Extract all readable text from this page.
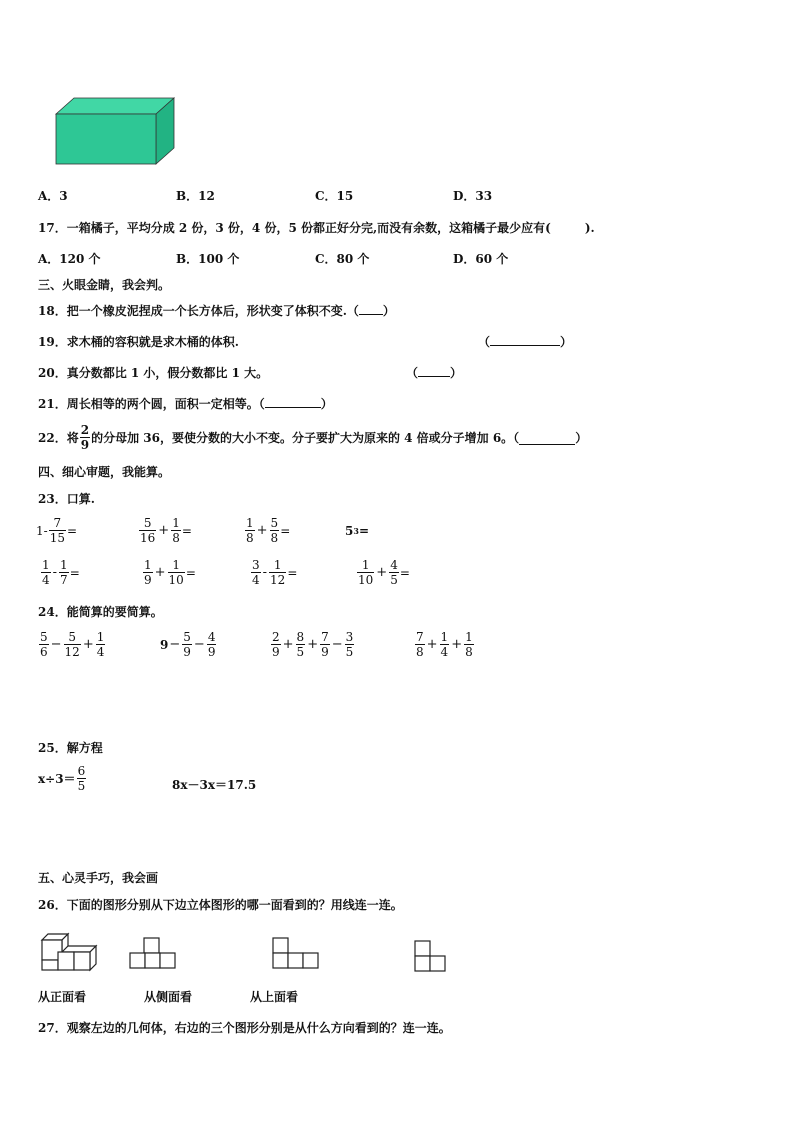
A．3	B．12	C．15	D．33
17．一箱橘子，平均分成 2 份，3 份，4 份，5 份都正好分完,而没有余数，这箱橘子最少应有(	).
A．120 个	B．100 个	C．80 个	D．60 个
三、火眼金睛，我会判。
18．把一个橡皮泥捏成一个长方体后，形状变了体积不变.（ ）
19．求木桶的容积就是求木桶的体积.	（	）
20．真分数都比 1 小，假分数都比 1 大。	（	）
21．周长相等的两个圆，面积一定相等。（	）
22．将 $\frac{2}{9}$ 的分母加 36，要使分数的大小不变。分子要扩大为原来的 4 倍或分子增加 6。（	）
四、细心审题，我能算。
23．口算.
$1- \frac{7}{15}$ =	$\frac{5}{16} + \frac{1}{8}$ =	$\frac{1}{8} + \frac{5}{8}$ =	5 3 =
$\frac{1}{4} - \frac{1}{7}$ =	$\frac{1}{9} + \frac{1}{10}$ =	$\frac{3}{4} - \frac{1}{12}$ =	$\frac{1}{10} + \frac{4}{5}$ =
24．能简算的要简算。
$\frac{5}{6} - \frac{5}{12} + \frac{1}{4}$	$9 - \frac{5}{9} - \frac{4}{9}$	$\frac{2}{9} + \frac{8}{5} + \frac{7}{9} - \frac{3}{5}$	$\frac{7}{8} + \frac{1}{4} + \frac{1}{8}$
25．解方程
$x\div 3= \frac{6}{5}$	8x－3x＝17.5
五、心灵手巧，我会画
26．下面的图形分别从下边立体图形的哪一面看到的？用线连一连。
从正面看	从侧面看	从上面看
27．观察左边的几何体，右边的三个图形分别是从什么方向看到的？连一连。
